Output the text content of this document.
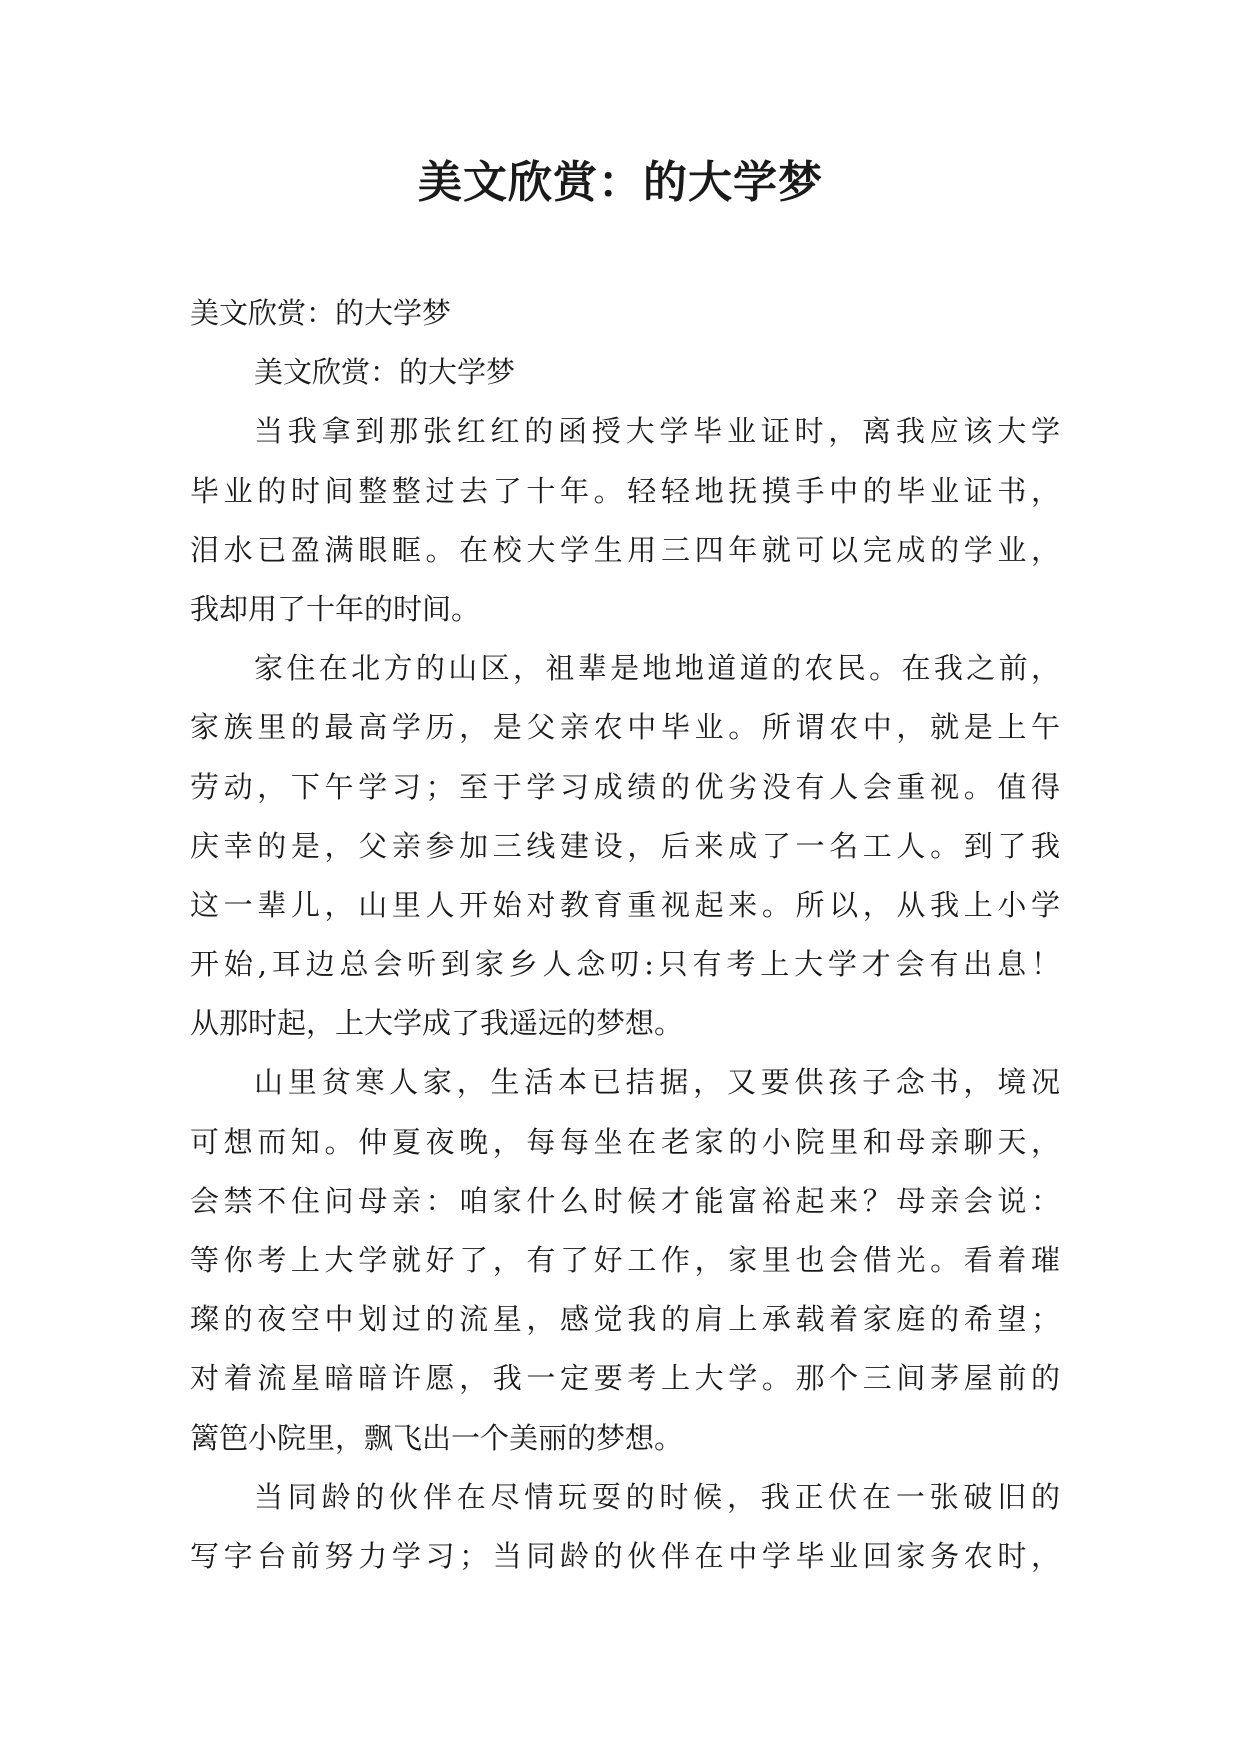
美文欣赏：的大学梦
美文欣赏：的大学梦
美文欣赏：的大学梦
当我拿到那张红红的函授大学毕业证时，离我应该大学
毕业的时间整整过去了十年。轻轻地抚摸手中的毕业证书，
泪水已盈满眼眶。在校大学生用三四年就可以完成的学业，
我却用了十年的时间。
家住在北方的山区，祖辈是地地道道的农民。在我之前，
家族里的最高学历，是父亲农中毕业。所谓农中，就是上午
劳动，下午学习；至于学习成绩的优劣没有人会重视。值得
庆幸的是，父亲参加三线建设，后来成了一名工人。到了我
这一辈儿，山里人开始对教育重视起来。所以，从我上小学
开始,耳边总会听到家乡人念叨:只有考上大学才会有出息！
从那时起，上大学成了我遥远的梦想。
山里贫寒人家，生活本已拮据，又要供孩子念书，境况
可想而知。仲夏夜晚，每每坐在老家的小院里和母亲聊天，
会禁不住问母亲：咱家什么时候才能富裕起来？母亲会说：
等你考上大学就好了，有了好工作，家里也会借光。看着璀
璨的夜空中划过的流星，感觉我的肩上承载着家庭的希望；
对着流星暗暗许愿，我一定要考上大学。那个三间茅屋前的
篱笆小院里，飘飞出一个美丽的梦想。
当同龄的伙伴在尽情玩耍的时候，我正伏在一张破旧的
写字台前努力学习；当同龄的伙伴在中学毕业回家务农时，
